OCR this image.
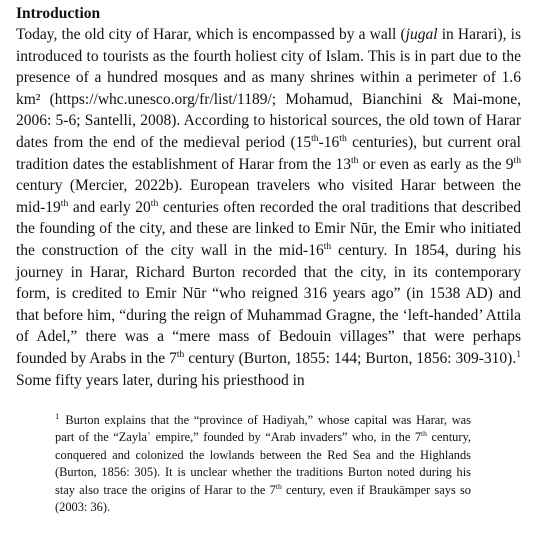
Introduction

Today, the old city of Harar, which is encompassed by a wall (jugal in Harari), is introduced to tourists as the fourth holiest city of Islam. This is in part due to the presence of a hundred mosques and as many shrines within a perimeter of 1.6 km² (https://whc.unesco.org/fr/list/1189/; Mohamud, Bianchini & Mai-mone, 2006: 5-6; Santelli, 2008). According to historical sources, the old town of Harar dates from the end of the medieval period (15th-16th centuries), but current oral tradition dates the establishment of Harar from the 13th or even as early as the 9th century (Mercier, 2022b). European travelers who visited Harar between the mid-19th and early 20th centuries often recorded the oral traditions that described the founding of the city, and these are linked to Emir Nūr, the Emir who initiated the construction of the city wall in the mid-16th century. In 1854, during his journey in Harar, Richard Burton recorded that the city, in its contemporary form, is credited to Emir Nūr “who reigned 316 years ago” (in 1538 AD) and that before him, “during the reign of Muhammad Gragne, the ‘left-handed’ Attila of Adel,” there was a “mere mass of Bedouin villages” that were perhaps founded by Arabs in the 7th century (Burton, 1855: 144; Burton, 1856: 309-310).$^1$ Some fifty years later, during his priesthood in

$^1$ Burton explains that the “province of Hadiyah,” whose capital was Harar, was part of the “Zaylaʿ empire,” founded by “Arab invaders” who, in the 7th century, conquered and colonized the lowlands between the Red Sea and the Highlands (Burton, 1856: 305). It is unclear whether the traditions Burton noted during his stay also trace the origins of Harar to the 7th century, even if Braukämper says so (2003: 36).
